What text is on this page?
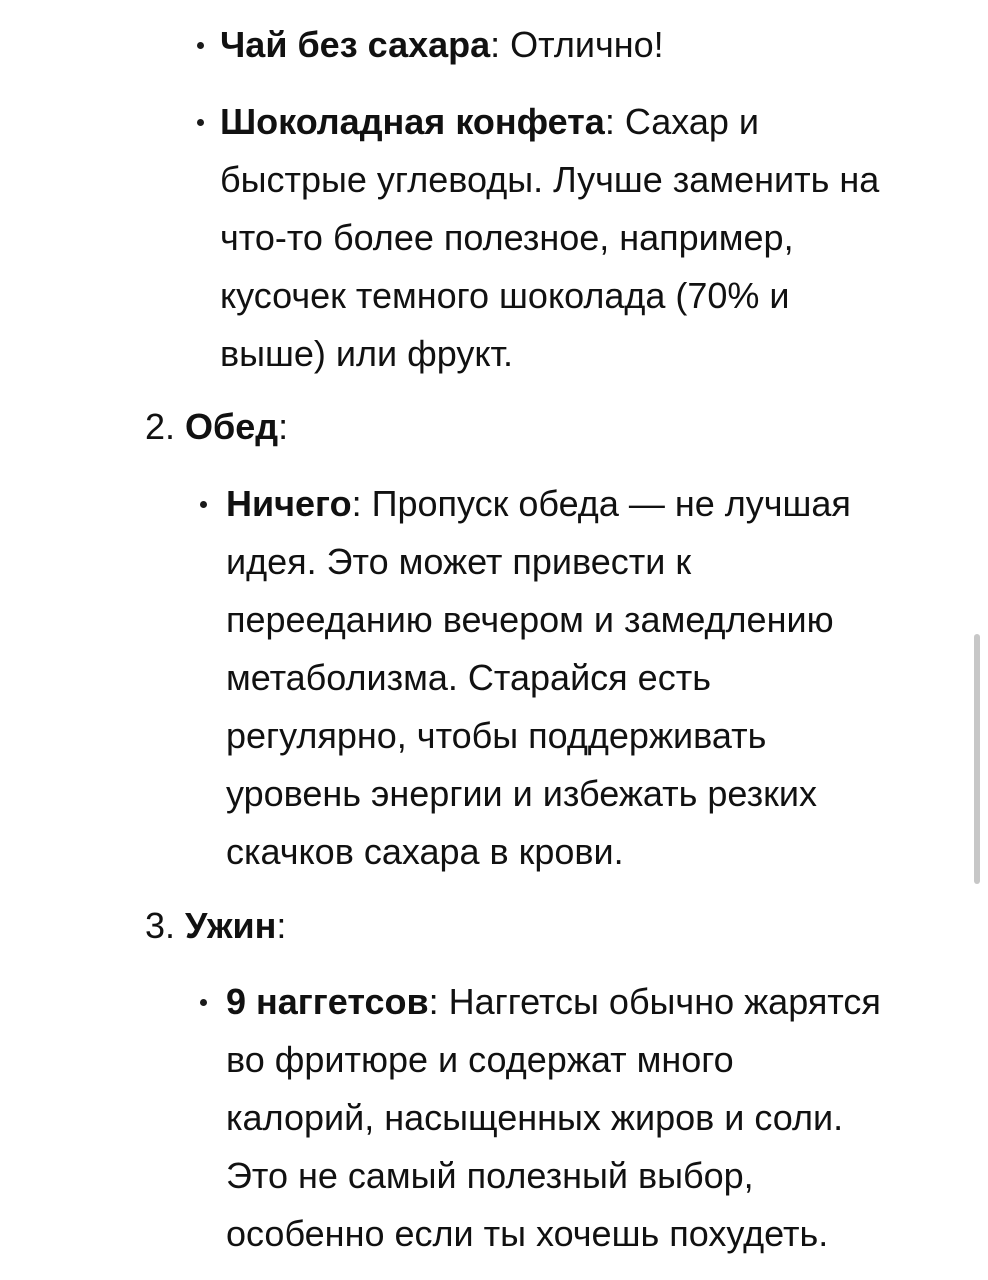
Чай без сахара: Отлично!
Шоколадная конфета: Сахар и
быстрые углеводы. Лучше заменить на
что-то более полезное, например,
кусочек темного шоколада (70% и
выше) или фрукт.
2. Обед:
Ничего: Пропуск обеда — не лучшая
идея. Это может привести к
перееданию вечером и замедлению
метаболизма. Старайся есть
регулярно, чтобы поддерживать
уровень энергии и избежать резких
скачков сахара в крови.
3. Ужин:
9 наггетсов: Наггетсы обычно жарятся
во фритюре и содержат много
калорий, насыщенных жиров и соли.
Это не самый полезный выбор,
особенно если ты хочешь похудеть.
